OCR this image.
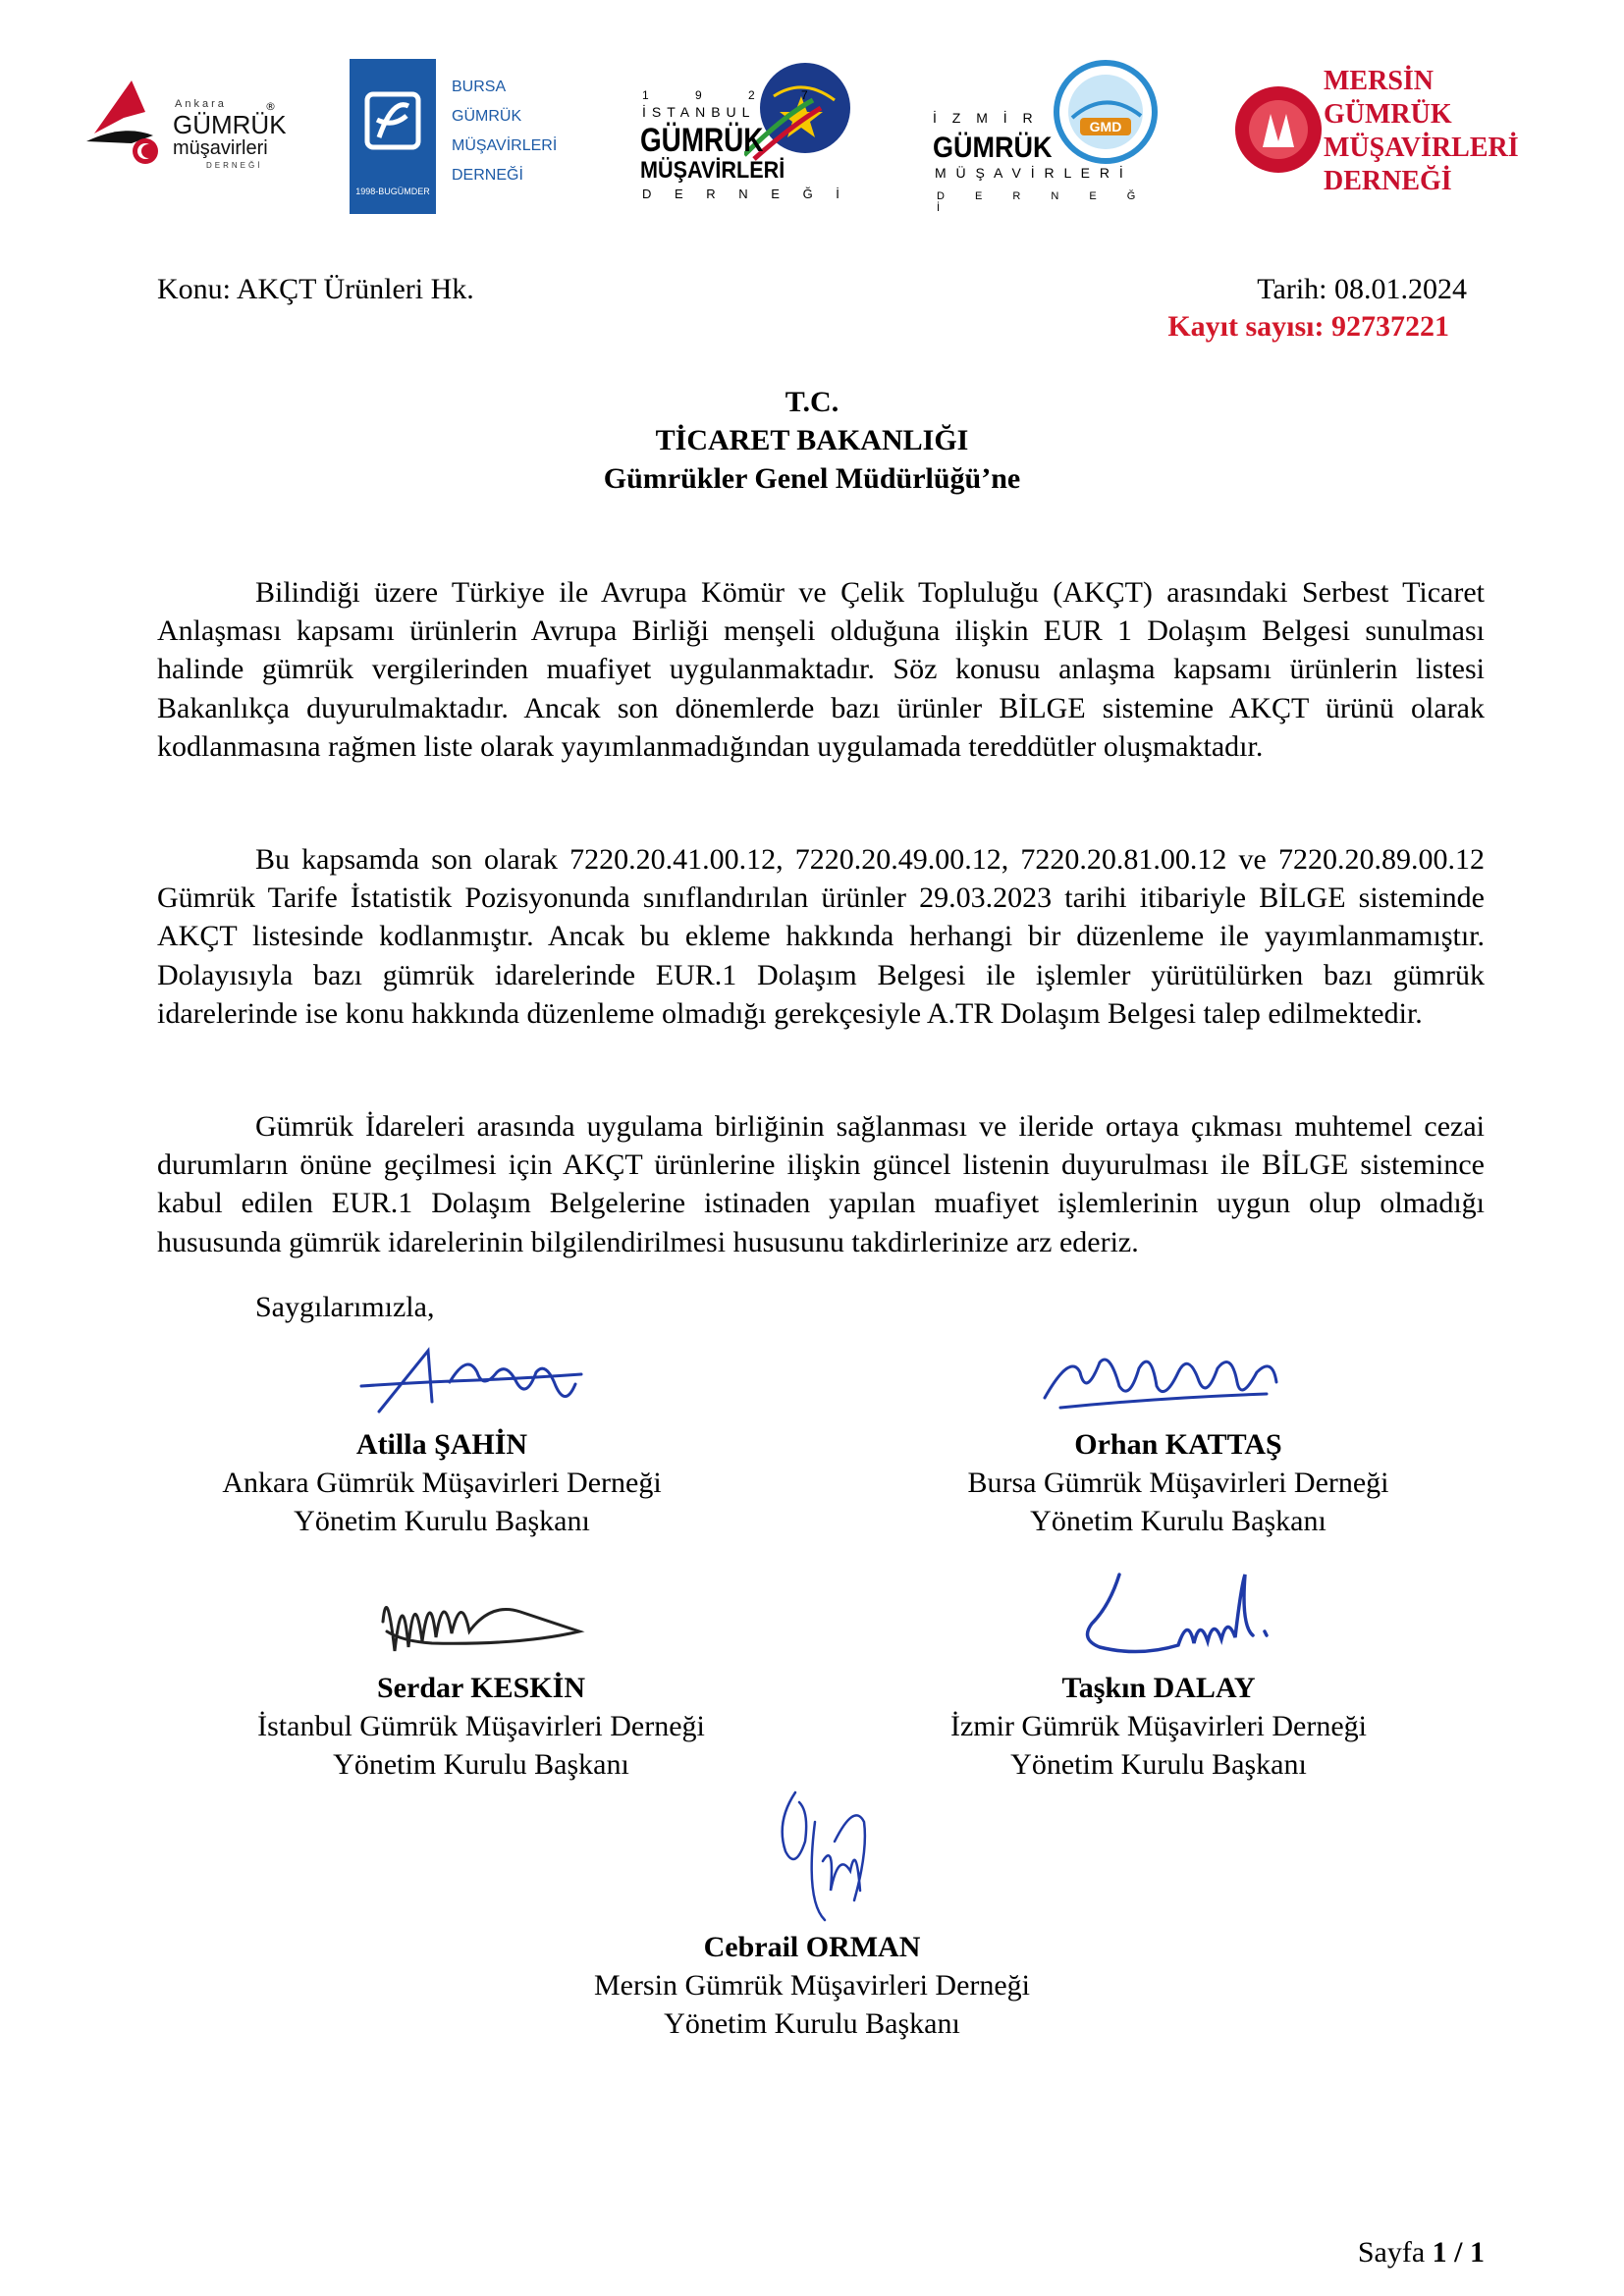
®
Ankara
GÜMRÜK
müşavirleri
DERNEĞİ
1998-BUGÜMDER
BURSA
GÜMRÜK
MÜŞAVİRLERİ
DERNEĞİ
1 9 2 7
İSTANBUL
GÜMRÜK
MÜŞAVİRLERİ
D E R N E Ğ İ
GMD
İ Z M İ R
GÜMRÜK
M Ü Ş A V İ R L E R İ
D E R N E Ğ İ
MERSİN
GÜMRÜK
MÜŞAVİRLERİ
DERNEĞİ
Konu: AKÇT Ürünleri Hk.	Tarih: 08.01.2024
Kayıt sayısı: 92737221
T.C.
TİCARET BAKANLIĞI
Gümrükler Genel Müdürlüğü’ne

Bilindiği üzere Türkiye ile Avrupa Kömür ve Çelik Topluluğu (AKÇT) arasındaki Serbest Ticaret Anlaşması kapsamı ürünlerin Avrupa Birliği menşeli olduğuna ilişkin EUR 1 Dolaşım Belgesi sunulması halinde gümrük vergilerinden muafiyet uygulanmaktadır. Söz konusu anlaşma kapsamı ürünlerin listesi Bakanlıkça duyurulmaktadır. Ancak son dönemlerde bazı ürünler BİLGE sistemine AKÇT ürünü olarak kodlanmasına rağmen liste olarak yayımlanmadığından uygulamada tereddütler oluşmaktadır.

Bu kapsamda son olarak 7220.20.41.00.12, 7220.20.49.00.12, 7220.20.81.00.12 ve 7220.20.89.00.12 Gümrük Tarife İstatistik Pozisyonunda sınıflandırılan ürünler 29.03.2023 tarihi itibariyle BİLGE sisteminde AKÇT listesinde kodlanmıştır. Ancak bu ekleme hakkında herhangi bir düzenleme ile yayımlanmamıştır. Dolayısıyla bazı gümrük idarelerinde EUR.1 Dolaşım Belgesi ile işlemler yürütülürken bazı gümrük idarelerinde ise konu hakkında düzenleme olmadığı gerekçesiyle A.TR Dolaşım Belgesi talep edilmektedir.

Gümrük İdareleri arasında uygulama birliğinin sağlanması ve ileride ortaya çıkması muhtemel cezai durumların önüne geçilmesi için AKÇT ürünlerine ilişkin güncel listenin duyurulması ile BİLGE sistemince kabul edilen EUR.1 Dolaşım Belgelerine istinaden yapılan muafiyet işlemlerinin uygun olup olmadığı hususunda gümrük idarelerinin bilgilendirilmesi hususunu takdirlerinize arz ederiz.

Saygılarımızla,
Atilla ŞAHİN
Ankara Gümrük Müşavirleri Derneği
Yönetim Kurulu Başkanı
Orhan KATTAŞ
Bursa Gümrük Müşavirleri Derneği
Yönetim Kurulu Başkanı
Serdar KESKİN
İstanbul Gümrük Müşavirleri Derneği
Yönetim Kurulu Başkanı
Taşkın DALAY
İzmir Gümrük Müşavirleri Derneği
Yönetim Kurulu Başkanı
Cebrail ORMAN
Mersin Gümrük Müşavirleri Derneği
Yönetim Kurulu Başkanı
Sayfa 1 / 1
